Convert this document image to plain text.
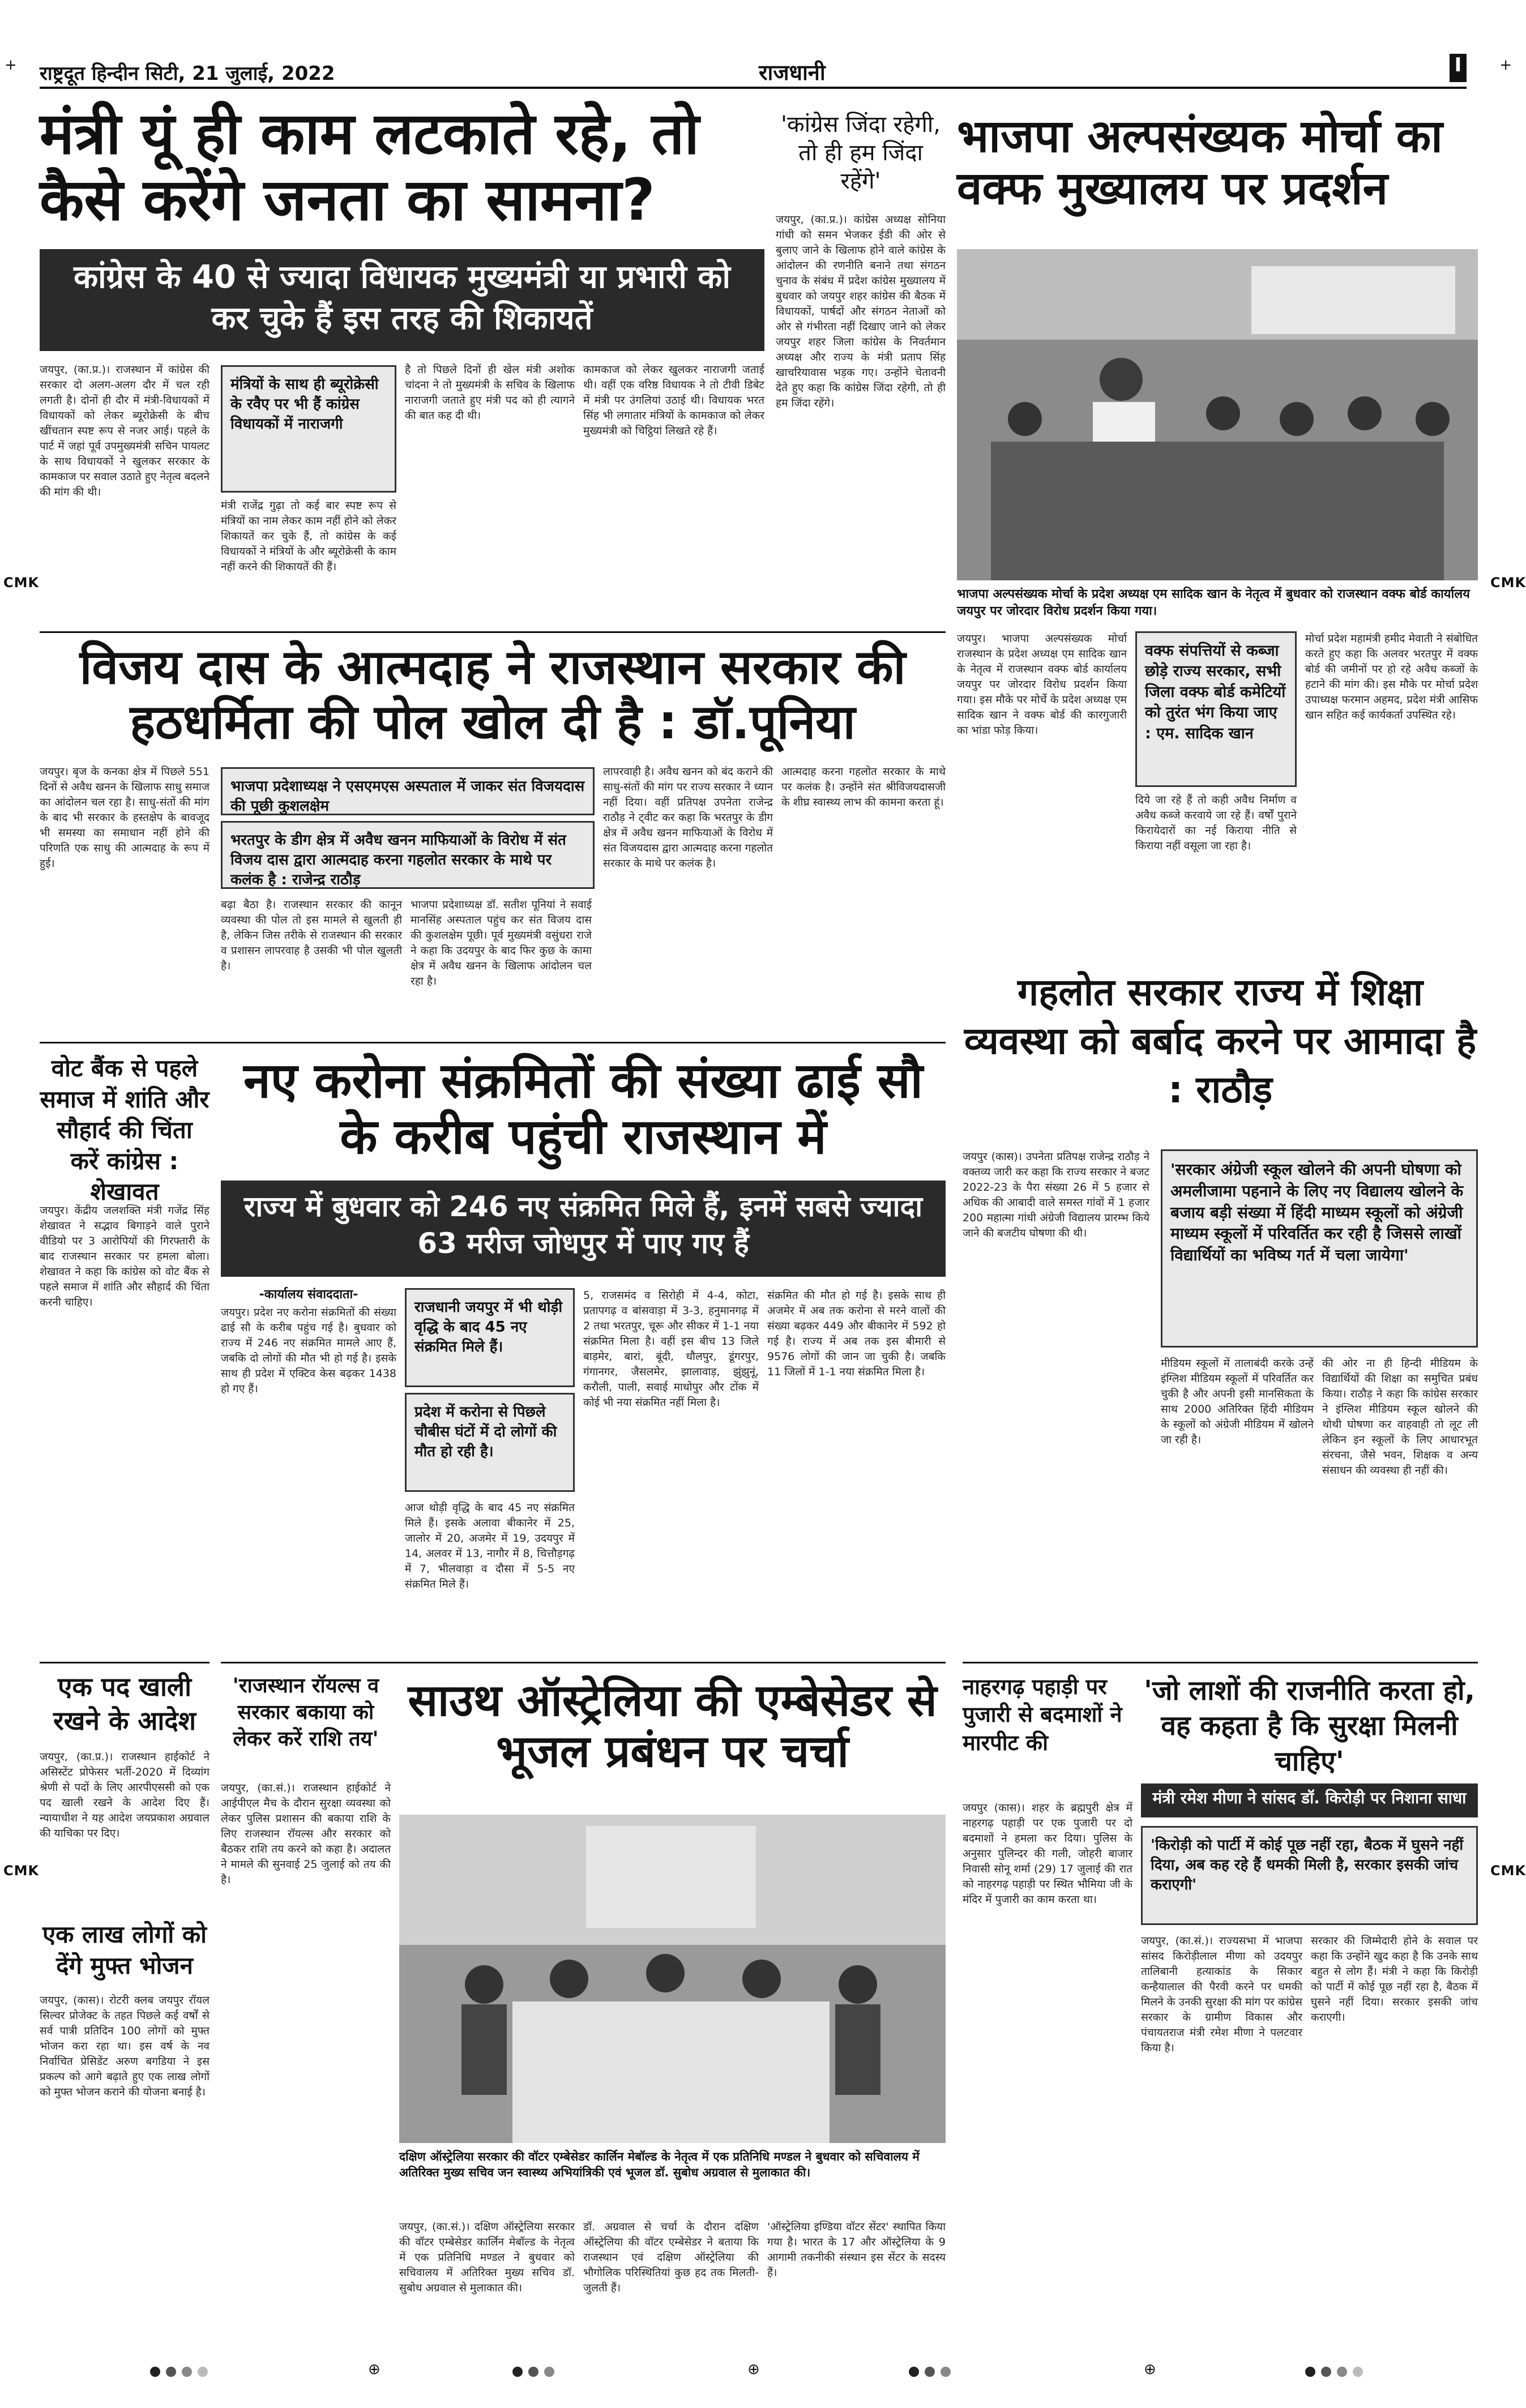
राष्ट्रदूत हिन्दीन सिटी, 21 जुलाई, 2022	राजधानी	I
+	+
CMK	CMK
CMK	CMK
मंत्री यूं ही काम लटकाते रहे, तो कैसे करेंगे जनता का सामना?
कांग्रेस के 40 से ज्यादा विधायक मुख्यमंत्री या प्रभारी को कर चुके हैं इस तरह की शिकायतें
जयपुर, (का.प्र.)। राजस्थान में कांग्रेस की सरकार दो अलग-अलग दौर में चल रही लगती है। दोनों ही दौर में मंत्री-विधायकों में विधायकों को लेकर ब्यूरोक्रेसी के बीच खींचतान स्पष्ट रूप से नजर आई। पहले के पार्ट में जहां पूर्व उपमुख्यमंत्री सचिन पायलट के साथ विधायकों ने खुलकर सरकार के कामकाज पर सवाल उठाते हुए नेतृत्व बदलने की मांग की थी।
मंत्रियों के साथ ही ब्यूरोक्रेसी के रवैए पर भी हैं कांग्रेस विधायकों में नाराजगी
मंत्री राजेंद्र गुढ़ा तो कई बार स्पष्ट रूप से मंत्रियों का नाम लेकर काम नहीं होने को लेकर शिकायतें कर चुके हैं, तो कांग्रेस के कई विधायकों ने मंत्रियों के और ब्यूरोक्रेसी के काम नहीं करने की शिकायतें की हैं।
है तो पिछले दिनों ही खेल मंत्री अशोक चांदना ने तो मुख्यमंत्री के सचिव के खिलाफ नाराजगी जताते हुए मंत्री पद को ही त्यागने की बात कह दी थी।
कामकाज को लेकर खुलकर नाराजगी जताई थी। वहीं एक वरिष्ठ विधायक ने तो टीवी डिबेट में मंत्री पर उंगलियां उठाई थी। विधायक भरत सिंह भी लगातार मंत्रियों के कामकाज को लेकर मुख्यमंत्री को चिट्ठियां लिखते रहे हैं।
'कांग्रेस जिंदा रहेगी, तो ही हम जिंदा रहेंगे'
जयपुर, (का.प्र.)। कांग्रेस अध्यक्ष सोनिया गांधी को समन भेजकर ईडी की ओर से बुलाए जाने के खिलाफ होने वाले कांग्रेस के आंदोलन की रणनीति बनाने तथा संगठन चुनाव के संबंध में प्रदेश कांग्रेस मुख्यालय में बुधवार को जयपुर शहर कांग्रेस की बैठक में विधायकों, पार्षदों और संगठन नेताओं को ओर से गंभीरता नहीं दिखाए जाने को लेकर जयपुर शहर जिला कांग्रेस के निवर्तमान अध्यक्ष और राज्य के मंत्री प्रताप सिंह खाचरियावास भड़क गए। उन्होंने चेतावनी देते हुए कहा कि कांग्रेस जिंदा रहेगी, तो ही हम जिंदा रहेंगे।
भाजपा अल्पसंख्यक मोर्चा का वक्फ मुख्यालय पर प्रदर्शन
भाजपा अल्पसंख्यक मोर्चा के प्रदेश अध्यक्ष एम सादिक खान के नेतृत्व में बुधवार को राजस्थान वक्फ बोर्ड कार्यालय जयपुर पर जोरदार विरोध प्रदर्शन किया गया।
जयपुर। भाजपा अल्पसंख्यक मोर्चा राजस्थान के प्रदेश अध्यक्ष एम सादिक खान के नेतृत्व में राजस्थान वक्फ बोर्ड कार्यालय जयपुर पर जोरदार विरोध प्रदर्शन किया गया। इस मौके पर मोर्चे के प्रदेश अध्यक्ष एम सादिक खान ने वक्फ बोर्ड की कारगुजारी का भांडा फोड़ किया।
वक्फ संपत्तियों से कब्जा छोड़े राज्य सरकार, सभी जिला वक्फ बोर्ड कमेटियों को तुरंत भंग किया जाए : एम. सादिक खान
दिये जा रहे हैं तो कही अवैध निर्माण व अवैध कब्जे करवाये जा रहे हैं। वर्षों पुराने किरायेदारों का नई किराया नीति से किराया नहीं वसूला जा रहा है।
मोर्चा प्रदेश महामंत्री हमीद मेवाती ने संबोधित करते हुए कहा कि अलवर भरतपुर में वक्फ बोर्ड की जमीनों पर हो रहे अवैध कब्जों के हटाने की मांग की। इस मौके पर मोर्चा प्रदेश उपाध्यक्ष फरमान अहमद, प्रदेश मंत्री आसिफ खान सहित कई कार्यकर्ता उपस्थित रहे।
विजय दास के आत्मदाह ने राजस्थान सरकार की हठधर्मिता की पोल खोल दी है : डॉ.पूनिया
जयपुर। बृज के कनका क्षेत्र में पिछले 551 दिनों से अवैध खनन के खिलाफ साधु समाज का आंदोलन चल रहा है। साधु-संतों की मांग के बाद भी सरकार के हस्तक्षेप के बावजूद भी समस्या का समाधान नहीं होने की परिणति एक साधु की आत्मदाह के रूप में हुई।
भाजपा प्रदेशाध्यक्ष ने एसएमएस अस्पताल में जाकर संत विजयदास की पूछी कुशलक्षेम
भरतपुर के डीग क्षेत्र में अवैध खनन माफियाओं के विरोध में संत विजय दास द्वारा आत्मदाह करना गहलोत सरकार के माथे पर कलंक है : राजेन्द्र राठौड़
बढ़ा बैठा है। राजस्थान सरकार की कानून व्यवस्था की पोल तो इस मामले से खुलती ही है, लेकिन जिस तरीके से राजस्थान की सरकार व प्रशासन लापरवाह है उसकी भी पोल खुलती है।
भाजपा प्रदेशाध्यक्ष डॉ. सतीश पूनियां ने सवाई मानसिंह अस्पताल पहुंच कर संत विजय दास की कुशलक्षेम पूछी। पूर्व मुख्यमंत्री वसुंधरा राजे ने कहा कि उदयपुर के बाद फिर कुछ के कामा क्षेत्र में अवैध खनन के खिलाफ आंदोलन चल रहा है।
लापरवाही है। अवैध खनन को बंद कराने की साधु-संतों की मांग पर राज्य सरकार ने ध्यान नहीं दिया। वहीं प्रतिपक्ष उपनेता राजेन्द्र राठौड़ ने ट्वीट कर कहा कि भरतपुर के डीग क्षेत्र में अवैध खनन माफियाओं के विरोध में संत विजयदास द्वारा आत्मदाह करना गहलोत सरकार के माथे पर कलंक है।
आत्मदाह करना गहलोत सरकार के माथे पर कलंक है। उन्होंने संत श्रीविजयदासजी के शीघ्र स्वास्थ्य लाभ की कामना करता हूं।
गहलोत सरकार राज्य में शिक्षा व्यवस्था को बर्बाद करने पर आमादा है : राठौड़
जयपुर (कास)। उपनेता प्रतिपक्ष राजेन्द्र राठौड़ ने वक्तव्य जारी कर कहा कि राज्य सरकार ने बजट 2022-23 के पैरा संख्या 26 में 5 हजार से अधिक की आबादी वाले समस्त गांवों में 1 हजार 200 महात्मा गांधी अंग्रेजी विद्यालय प्रारम्भ किये जाने की बजटीय घोषणा की थी।
'सरकार अंग्रेजी स्कूल खोलने की अपनी घोषणा को अमलीजामा पहनाने के लिए नए विद्यालय खोलने के बजाय बड़ी संख्या में हिंदी माध्यम स्कूलों को अंग्रेजी माध्यम स्कूलों में परिवर्तित कर रही है जिससे लाखों विद्यार्थियों का भविष्य गर्त में चला जायेगा'
मीडियम स्कूलों में तालाबंदी करके उन्हें इंग्लिश मीडियम स्कूलों में परिवर्तित कर चुकी है और अपनी इसी मानसिकता के साथ 2000 अतिरिक्त हिंदी मीडियम के स्कूलों को अंग्रेजी मीडियम में खोलने जा रही है।
की ओर ना ही हिन्दी मीडियम के विद्यार्थियों की शिक्षा का समुचित प्रबंध किया। राठौड़ ने कहा कि कांग्रेस सरकार ने इंग्लिश मीडियम स्कूल खोलने की थोथी घोषणा कर वाहवाही तो लूट ली लेकिन इन स्कूलों के लिए आधारभूत संरचना, जैसे भवन, शिक्षक व अन्य संसाधन की व्यवस्था ही नहीं की।
वोट बैंक से पहले समाज में शांति और सौहार्द की चिंता करें कांग्रेस : शेखावत
जयपुर। केंद्रीय जलशक्ति मंत्री गजेंद्र सिंह शेखावत ने सद्भाव बिगाड़ने वाले पुराने वीडियो पर 3 आरोपियों की गिरफ्तारी के बाद राजस्थान सरकार पर हमला बोला। शेखावत ने कहा कि कांग्रेस को वोट बैंक से पहले समाज में शांति और सौहार्द की चिंता करनी चाहिए।
नए करोना संक्रमितों की संख्या ढाई सौ के करीब पहुंची राजस्थान में
राज्य में बुधवार को 246 नए संक्रमित मिले हैं, इनमें सबसे ज्यादा 63 मरीज जोधपुर में पाए गए हैं
-कार्यालय संवाददाता-
जयपुर। प्रदेश नए करोना संक्रमितों की संख्या ढाई सौ के करीब पहुंच गई है। बुधवार को राज्य में 246 नए संक्रमित मामले आए हैं, जबकि दो लोगों की मौत भी हो गई है। इसके साथ ही प्रदेश में एक्टिव केस बढ़कर 1438 हो गए हैं।
राजधानी जयपुर में भी थोड़ी वृद्धि के बाद 45 नए संक्रमित मिले हैं।
प्रदेश में करोना से पिछले चौबीस घंटों में दो लोगों की मौत हो रही है।
आज थोड़ी वृद्धि के बाद 45 नए संक्रमित मिले हैं। इसके अलावा बीकानेर में 25, जालोर में 20, अजमेर में 19, उदयपुर में 14, अलवर में 13, नागौर में 8, चित्तौड़गढ़ में 7, भीलवाड़ा व दौसा में 5-5 नए संक्रमित मिले हैं।
5, राजसमंद व सिरोही में 4-4, कोटा, प्रतापगढ़ व बांसवाड़ा में 3-3, हनुमानगढ़ में 2 तथा भरतपुर, चूरू और सीकर में 1-1 नया संक्रमित मिला है। वहीं इस बीच 13 जिले बाड़मेर, बारां, बूंदी, धौलपुर, डूंगरपुर, गंगानगर, जैसलमेर, झालावाड़, झुंझुनूं, करौली, पाली, सवाई माधोपुर और टोंक में कोई भी नया संक्रमित नहीं मिला है।
संक्रमित की मौत हो गई है। इसके साथ ही अजमेर में अब तक करोना से मरने वालों की संख्या बढ़कर 449 और बीकानेर में 592 हो गई है। राज्य में अब तक इस बीमारी से 9576 लोगों की जान जा चुकी है। जबकि 11 जिलों में 1-1 नया संक्रमित मिला है।
एक पद खाली रखने के आदेश
जयपुर, (का.प्र.)। राजस्थान हाईकोर्ट ने असिस्टेंट प्रोफेसर भर्ती-2020 में दिव्यांग श्रेणी से पदों के लिए आरपीएससी को एक पद खाली रखने के आदेश दिए हैं। न्यायाधीश ने यह आदेश जयप्रकाश अग्रवाल की याचिका पर दिए।
एक लाख लोगों को देंगे मुफ्त भोजन
जयपुर, (कास)। रोटरी क्लब जयपुर रॉयल सिल्वर प्रोजेक्ट के तहत पिछले कई वर्षों से सर्व पात्री प्रतिदिन 100 लोगों को मुफ्त भोजन करा रहा था। इस वर्ष के नव निर्वाचित प्रेसिडेंट अरुण बगडिया ने इस प्रकल्प को आगे बढ़ाते हुए एक लाख लोगों को मुफ्त भोजन कराने की योजना बनाई है।
'राजस्थान रॉयल्स व सरकार बकाया को लेकर करें राशि तय'
जयपुर, (का.सं.)। राजस्थान हाईकोर्ट ने आईपीएल मैच के दौरान सुरक्षा व्यवस्था को लेकर पुलिस प्रशासन की बकाया राशि के लिए राजस्थान रॉयल्स और सरकार को बैठकर राशि तय करने को कहा है। अदालत ने मामले की सुनवाई 25 जुलाई को तय की है।
साउथ ऑस्ट्रेलिया की एम्बेसेडर से भूजल प्रबंधन पर चर्चा
दक्षिण ऑस्ट्रेलिया सरकार की वॉटर एम्बेसेडर कार्लिन मेबॉल्ड के नेतृत्व में एक प्रतिनिधि मण्डल ने बुधवार को सचिवालय में अतिरिक्त मुख्य सचिव जन स्वास्थ्य अभियांत्रिकी एवं भूजल डॉ. सुबोध अग्रवाल से मुलाकात की।
जयपुर, (का.सं.)। दक्षिण ऑस्ट्रेलिया सरकार की वॉटर एम्बेसेडर कार्लिन मेबॉल्ड के नेतृत्व में एक प्रतिनिधि मण्डल ने बुधवार को सचिवालय में अतिरिक्त मुख्य सचिव डॉ. सुबोध अग्रवाल से मुलाकात की।
डॉ. अग्रवाल से चर्चा के दौरान दक्षिण ऑस्ट्रेलिया की वॉटर एम्बेसेडर ने बताया कि राजस्थान एवं दक्षिण ऑस्ट्रेलिया की भौगोलिक परिस्थितियां कुछ हद तक मिलती-जुलती हैं।
'ऑस्ट्रेलिया इण्डिया वॉटर सेंटर' स्थापित किया गया है। भारत के 17 और ऑस्ट्रेलिया के 9 आगामी तकनीकी संस्थान इस सेंटर के सदस्य हैं।
नाहरगढ़ पहाड़ी पर पुजारी से बदमाशों ने मारपीट की
जयपुर (कास)। शहर के ब्रह्मपुरी क्षेत्र में नाहरगढ़ पहाड़ी पर एक पुजारी पर दो बदमाशों ने हमला कर दिया। पुलिस के अनुसार पुलिन्दर की गली, जोहरी बाजार निवासी सोनू शर्मा (29) 17 जुलाई की रात को नाहरगढ़ पहाड़ी पर स्थित भौमिया जी के मंदिर में पुजारी का काम करता था।
'जो लाशों की राजनीति करता हो, वह कहता है कि सुरक्षा मिलनी चाहिए'
मंत्री रमेश मीणा ने सांसद डॉ. किरोड़ी पर निशाना साधा
'किरोड़ी को पार्टी में कोई पूछ नहीं रहा, बैठक में घुसने नहीं दिया, अब कह रहे हैं धमकी मिली है, सरकार इसकी जांच कराएगी'
जयपुर, (का.सं.)। राज्यसभा में भाजपा सांसद किरोड़ीलाल मीणा को उदयपुर तालिबानी हत्याकांड के सिकार कन्हैयालाल की पैरवी करने पर धमकी मिलने के उनकी सुरक्षा की मांग पर कांग्रेस सरकार के ग्रामीण विकास और पंचायतराज मंत्री रमेश मीणा ने पलटवार किया है।
सरकार की जिम्मेदारी होने के सवाल पर कहा कि उन्होंने खुद कहा है कि उनके साथ बहुत से लोग हैं। मंत्री ने कहा कि किरोड़ी को पार्टी में कोई पूछ नहीं रहा है, बैठक में घुसने नहीं दिया। सरकार इसकी जांच कराएगी।
⊕	⊕	⊕
